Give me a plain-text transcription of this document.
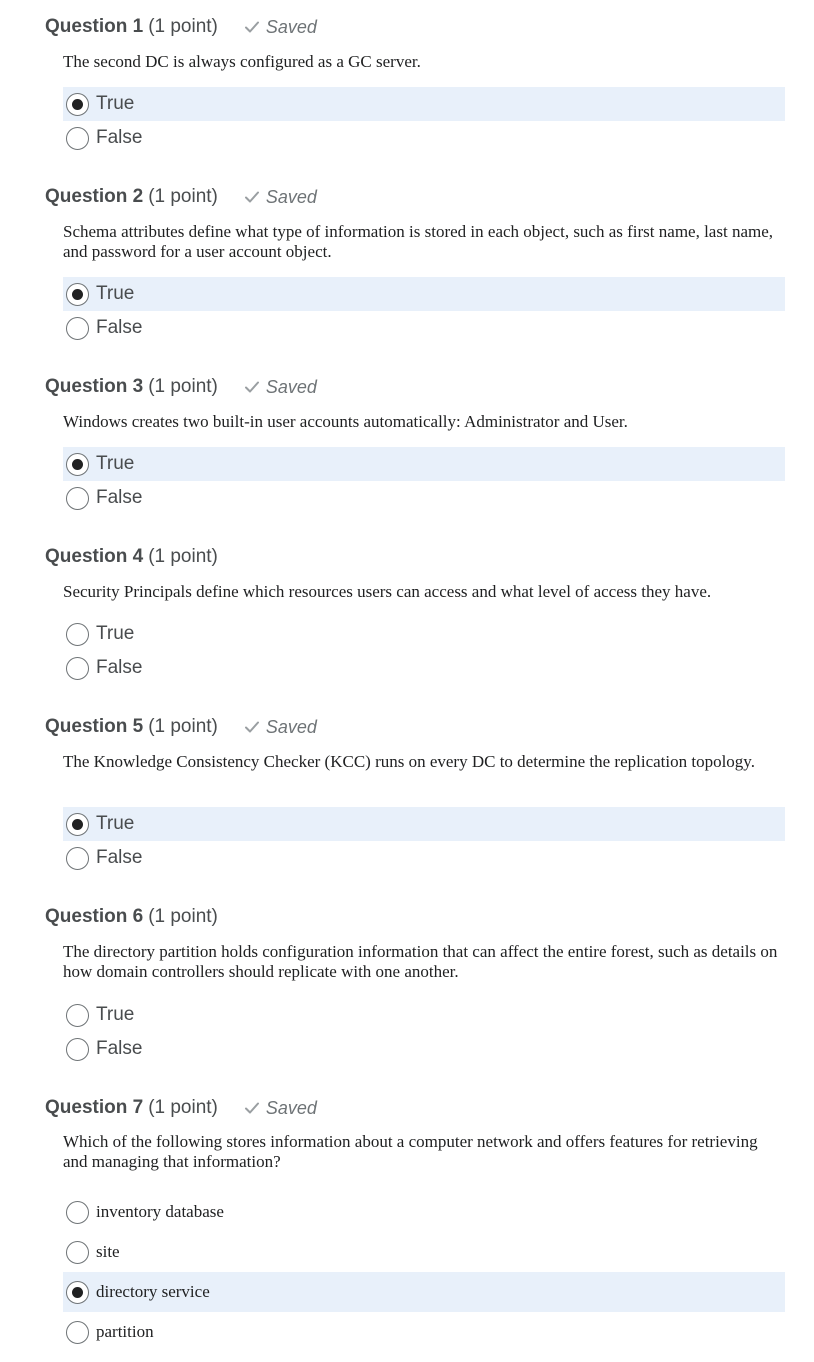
Question 1 (1 point)	Saved
The second DC is always configured as a GC server.
True
False
Question 2 (1 point)	Saved
Schema attributes define what type of information is stored in each object, such as first name, last name, and password for a user account object.
True
False
Question 3 (1 point)	Saved
Windows creates two built-in user accounts automatically: Administrator and User.
True
False
Question 4 (1 point)
Security Principals define which resources users can access and what level of access they have.
True
False
Question 5 (1 point)	Saved
The Knowledge Consistency Checker (KCC) runs on every DC to determine the replication topology.
True
False
Question 6 (1 point)
The directory partition holds configuration information that can affect the entire forest, such as details on how domain controllers should replicate with one another.
True
False
Question 7 (1 point)	Saved
Which of the following stores information about a computer network and offers features for retrieving and managing that information?
inventory database
site
directory service
partition
